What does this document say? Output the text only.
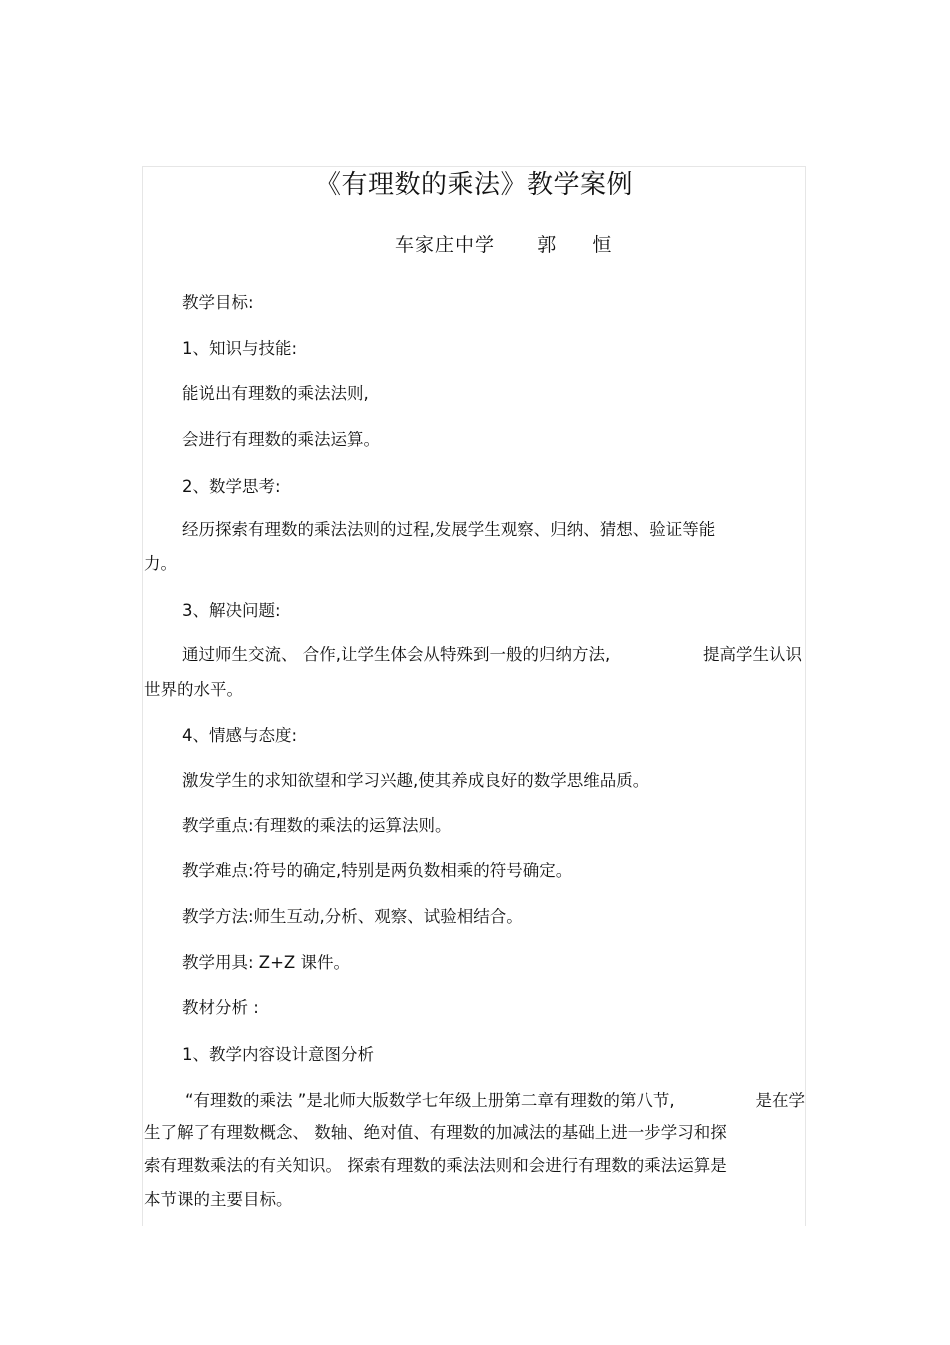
《有理数的乘法》教学案例
车家庄中学      郭     恒
教学目标:
1、知识与技能:
能说出有理数的乘法法则,
会进行有理数的乘法运算。
2、数学思考:
经历探索有理数的乘法法则的过程,发展学生观察、归纳、猜想、验证等能
力。
3、解决问题:
通过师生交流、 合作,让学生体会从特殊到一般的归纳方法,	提高学生认识
世界的水平。
4、情感与态度:
激发学生的求知欲望和学习兴趣,使其养成良好的数学思维品质。
教学重点:有理数的乘法的运算法则。
教学难点:符号的确定,特别是两负数相乘的符号确定。
教学方法:师生互动,分析、观察、试验相结合。
教学用具: Z+Z 课件。
教材分析 :
1、教学内容设计意图分析
“有理数的乘法 ”是北师大版数学七年级上册第二章有理数的第八节,	是在学
生了解了有理数概念、 数轴、绝对值、有理数的加减法的基础上进一步学习和探
索有理数乘法的有关知识。 探索有理数的乘法法则和会进行有理数的乘法运算是
本节课的主要目标。
